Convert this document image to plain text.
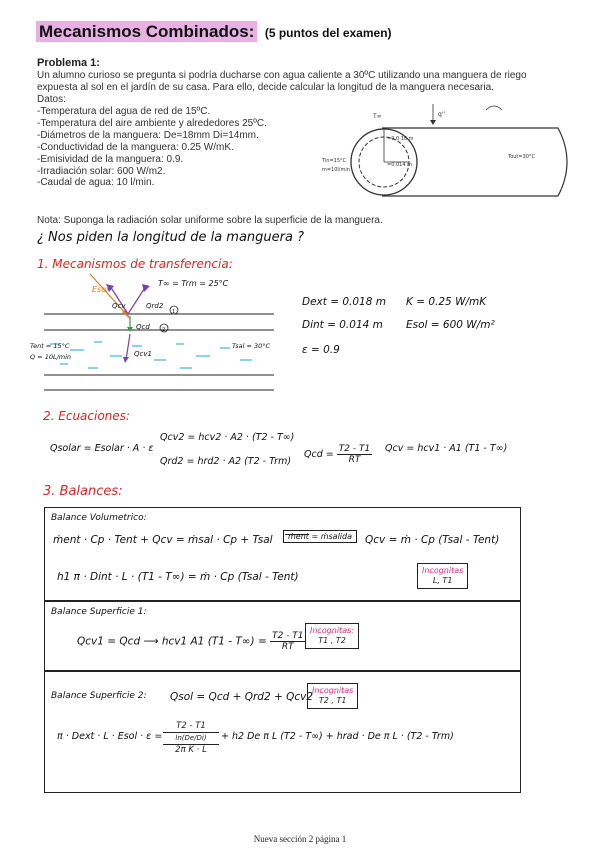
Mecanismos Combinados: (5 puntos del examen)
Problema 1:
Un alumno curioso se pregunta si podría ducharse con agua caliente a 30ºC utilizando una manguera de riego expuesta al sol en el jardín de su casa. Para ello, decide calcular la longitud de la manguera necesaria.
Datos:
-Temperatura del agua de red de 15ºC.
-Temperatura del aire ambiente y alrededores 25ºC.
-Diámetros de la manguera: De=18mm Di=14mm.
-Conductividad de la manguera: 0.25 W/mK.
-Emisividad de la manguera: 0.9.
-Irradiación solar: 600 W/m2.
-Caudal de agua: 10 l/min.
T∞	q''
=0,0 18 m
=0,014 m
Tin=15°C
m=10l/min
Tout=30°C
Nota: Suponga la radiación solar uniforme sobre la superficie de la manguera.
¿ Nos piden la longitud de la manguera ?
1. Mecanismos de transferencia:
1
2
T∞ = Trm = 25°C
Esol
Qcv	Qrd2
Qcd
Qcv1
Tent = 15°C
Q = 10L/min
Tsal = 30°C
Dext = 0.018 m
Dint = 0.014 m
ε = 0.9
K = 0.25 W/mK
Esol = 600 W/m²
2. Ecuaciones:
Qsolar = Esolar · A · ε
Qcv2 = hcv2 · A2 · (T2 - T∞)
Qrd2 = hrd2 · A2 (T2 - Trm)
Qcd = $\frac{T2 - T1}{RT}$ Qcv = hcv1 · A1 (T1 - T∞)
3. Balances:
Balance Volumetrico:
ṁent · Cp · Tent + Qcv = ṁsal · Cp + Tsal	ṁent = ṁsalida	Qcv = ṁ · Cp (Tsal - Tent)
h1 π · Dint · L · (T1 - T∞) = ṁ · Cp (Tsal - Tent)
Incognitas
L, T1
Balance Superficie 1:
Qcv1 = Qcd ⟶ hcv1 A1 $(T1 - T\infty) = \frac{T2 - T1}{RT}$
Incognitas:
T1 , T2
Balance Superficie 2: Qsol = Qcd + Qrd2 + Qcv2
Incognitas
T2 , T1
π · Dext · L · Esol · ε =
T2 - T1
ln(De/Di)
2π K · L
+ h2 De π L (T2 - T∞) + hrad · De π L · (T2 - Trm)
Nueva sección 2 página 1
